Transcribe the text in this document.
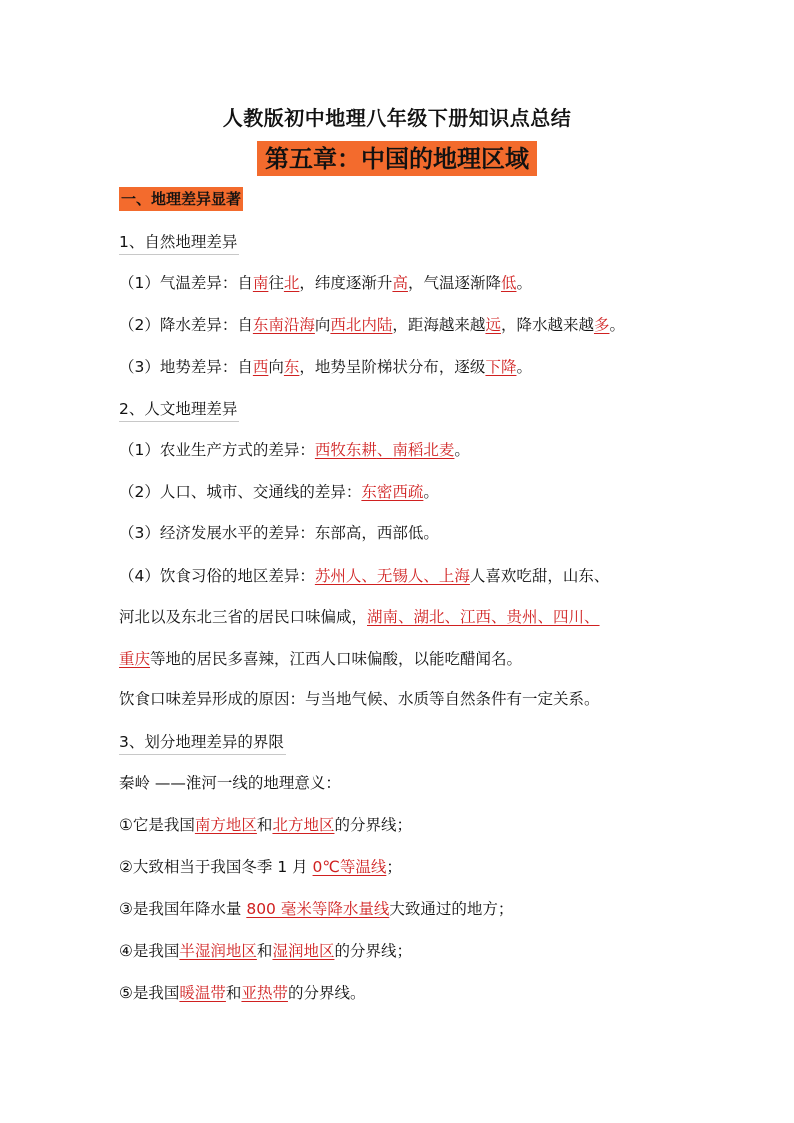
人教版初中地理八年级下册知识点总结
第五章：中国的地理区域
一、地理差异显著
1、自然地理差异
（1）气温差异：自南往北，纬度逐渐升高，气温逐渐降低。
（2）降水差异：自东南沿海向西北内陆，距海越来越远，降水越来越多。
（3）地势差异：自西向东，地势呈阶梯状分布，逐级下降。
2、人文地理差异
（1）农业生产方式的差异：西牧东耕、南稻北麦。
（2）人口、城市、交通线的差异：东密西疏。
（3）经济发展水平的差异：东部高，西部低。
（4）饮食习俗的地区差异：苏州人、无锡人、上海人喜欢吃甜，山东、
河北以及东北三省的居民口味偏咸，湖南、湖北、江西、贵州、四川、
重庆等地的居民多喜辣，江西人口味偏酸，以能吃醋闻名。
饮食口味差异形成的原因：与当地气候、水质等自然条件有一定关系。
3、划分地理差异的界限
秦岭 ——淮河一线的地理意义：
①它是我国南方地区和北方地区的分界线；
②大致相当于我国冬季 1 月 0℃等温线；
③是我国年降水量 800 毫米等降水量线大致通过的地方；
④是我国半湿润地区和湿润地区的分界线；
⑤是我国暖温带和亚热带的分界线。
